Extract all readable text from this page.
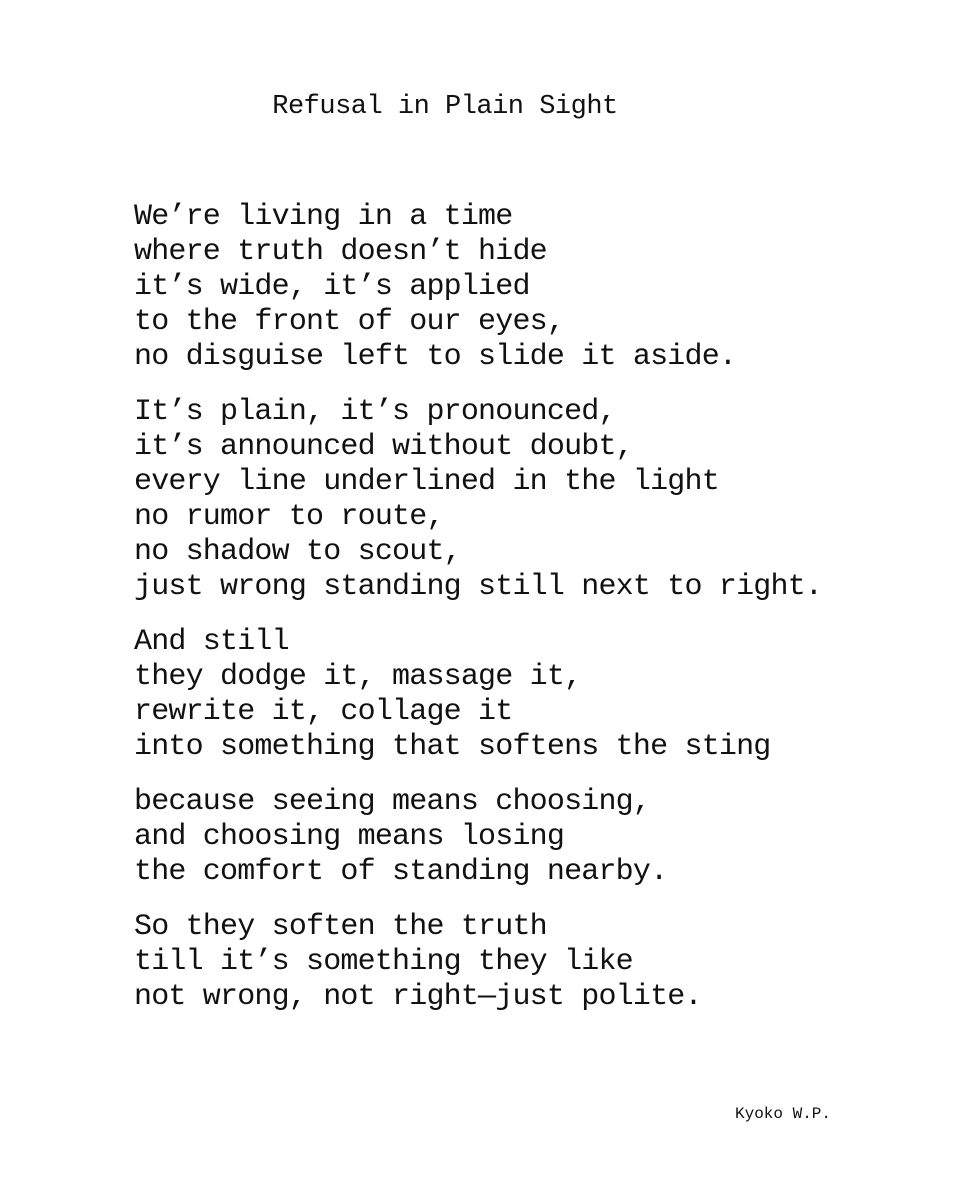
Refusal in Plain Sight
We’re living in a time
where truth doesn’t hide
it’s wide, it’s applied
to the front of our eyes,
no disguise left to slide it aside.
It’s plain, it’s pronounced,
it’s announced without doubt,
every line underlined in the light
no rumor to route,
no shadow to scout,
just wrong standing still next to right.
And still
they dodge it, massage it,
rewrite it, collage it
into something that softens the sting
because seeing means choosing,
and choosing means losing
the comfort of standing nearby.
So they soften the truth
till it’s something they like
not wrong, not right—just polite.

Kyoko W.P.
